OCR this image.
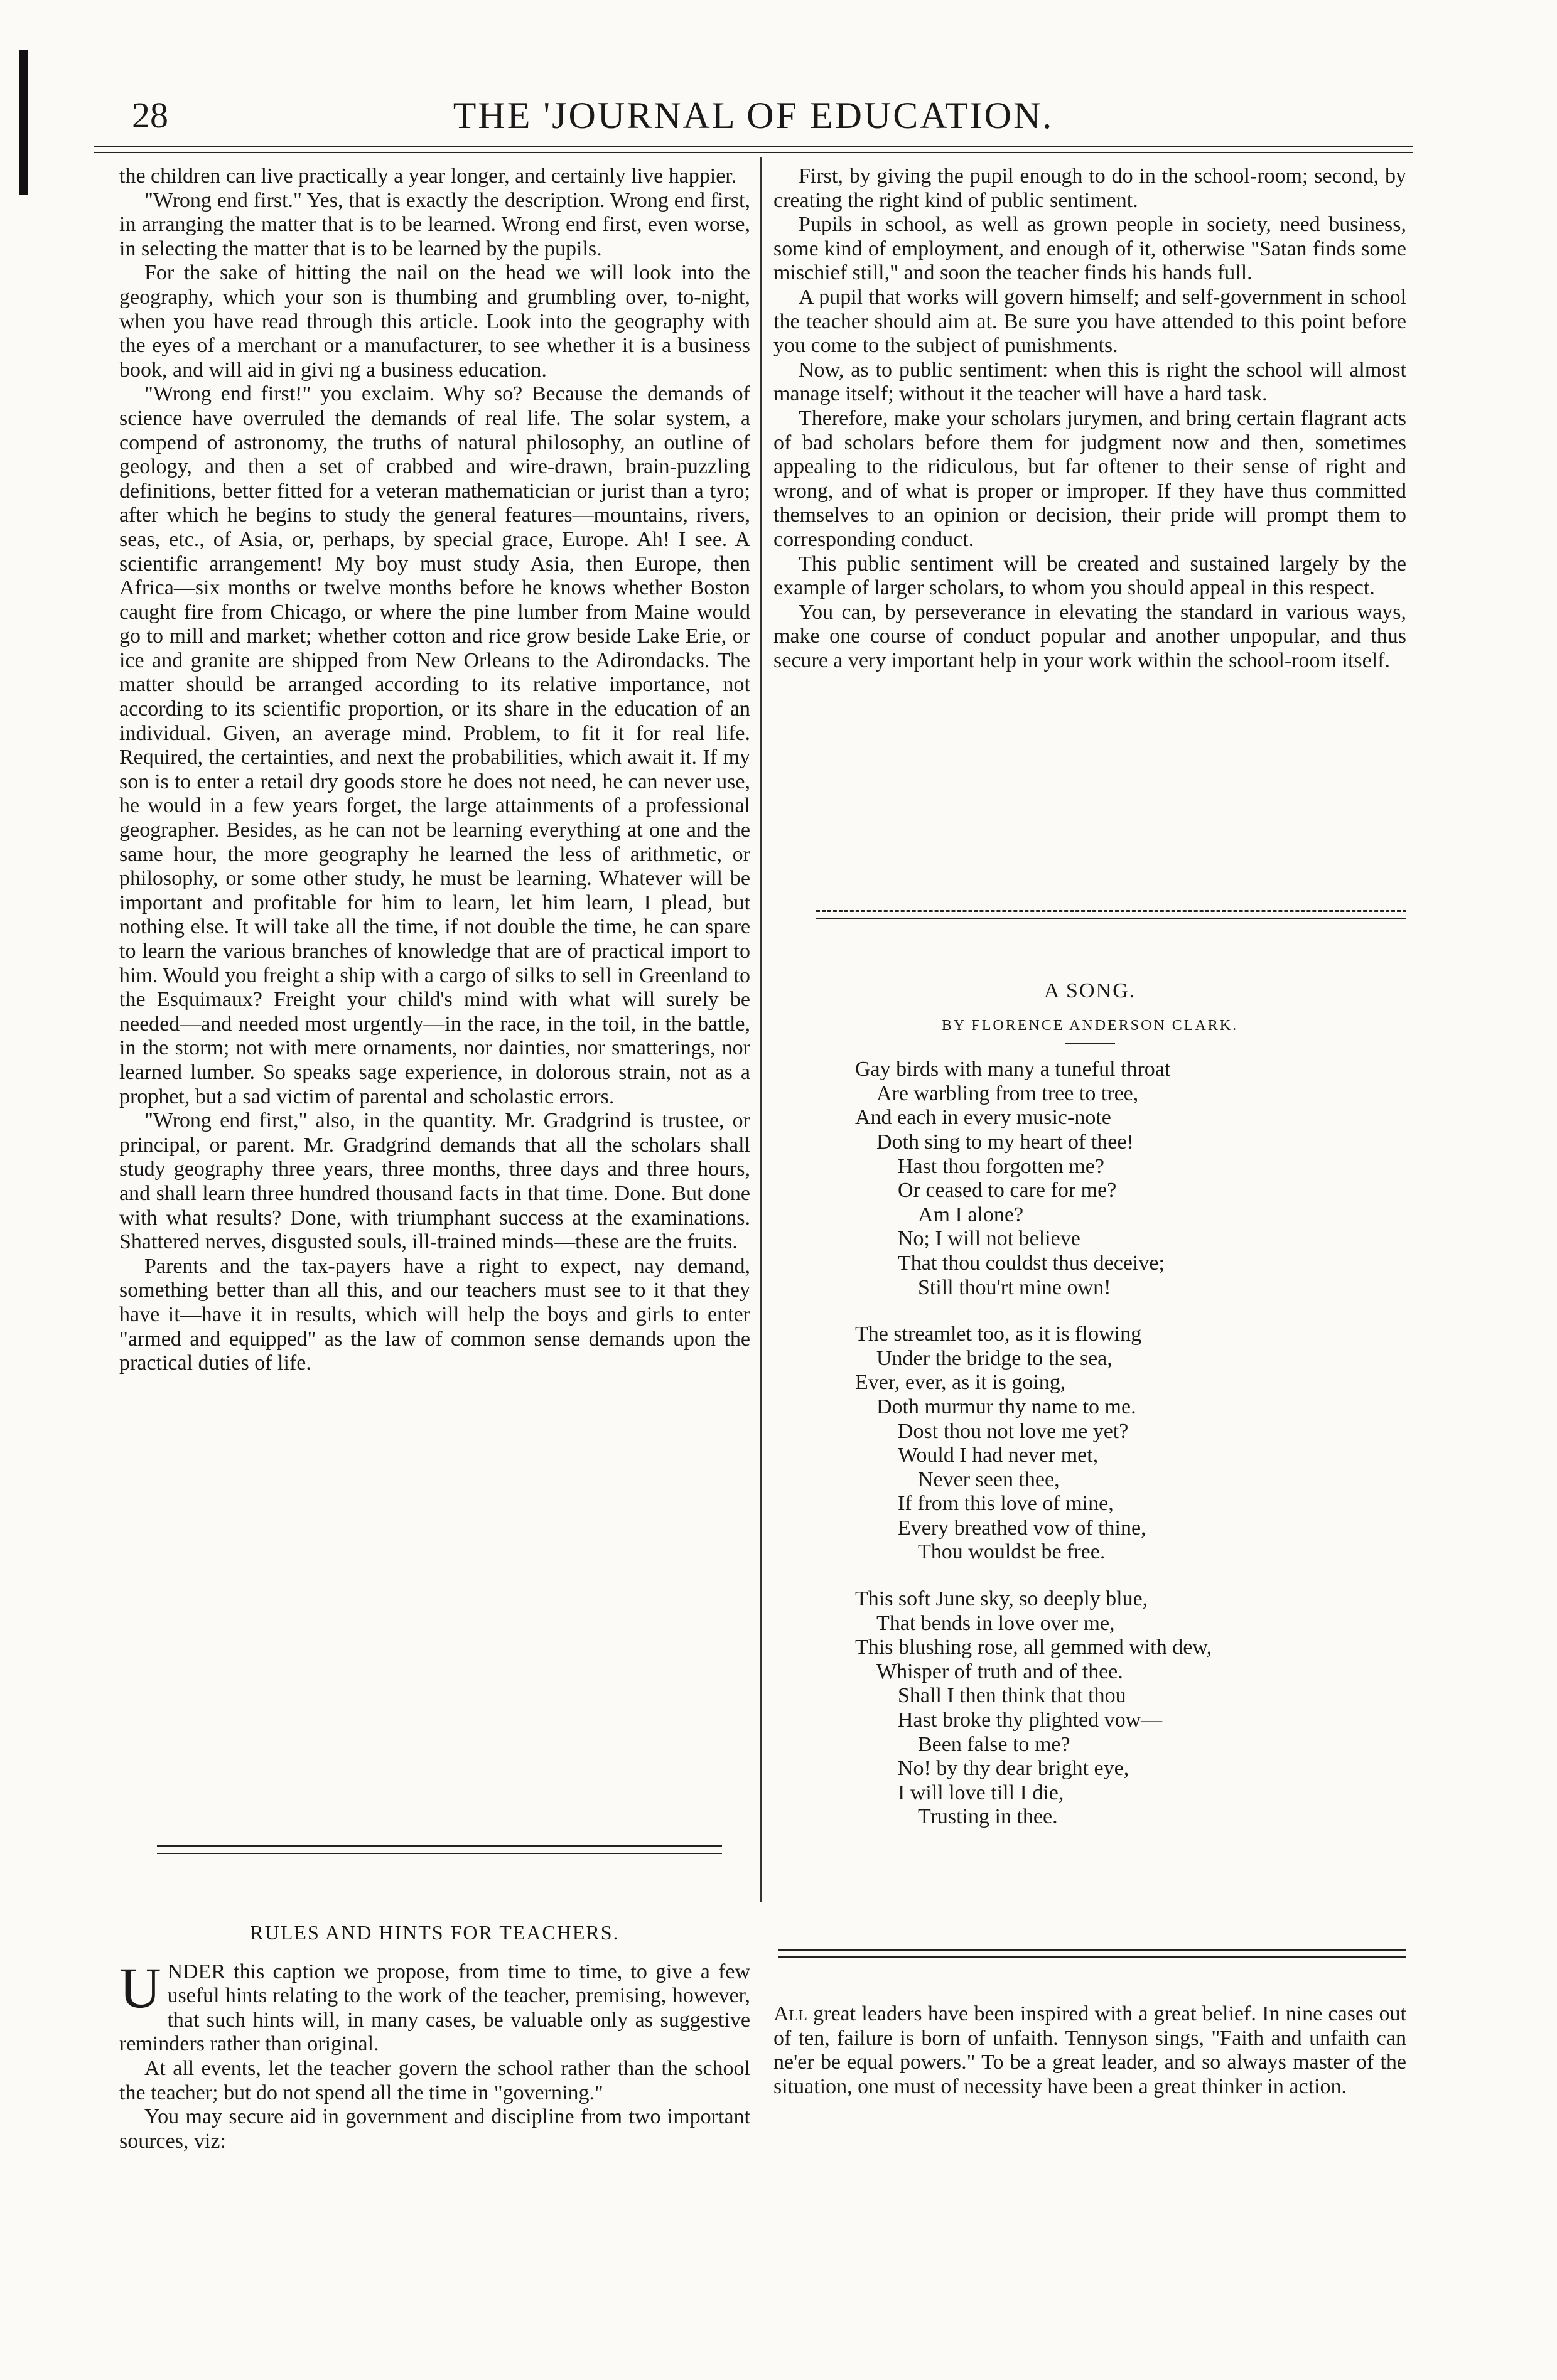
28	THE 'JOURNAL OF EDUCATION.

the children can live practically a year longer, and certainly live happier.

"Wrong end first." Yes, that is exactly the description. Wrong end first, in arranging the matter that is to be learned. Wrong end first, even worse, in selecting the matter that is to be learned by the pupils.

For the sake of hitting the nail on the head we will look into the geography, which your son is thumbing and grumbling over, to-night, when you have read through this article. Look into the geography with the eyes of a merchant or a manufacturer, to see whether it is a business book, and will aid in givi ng a business education.

"Wrong end first!" you exclaim. Why so? Because the demands of science have overruled the demands of real life. The solar system, a compend of astronomy, the truths of natural philosophy, an outline of geology, and then a set of crabbed and wire-drawn, brain-puzzling definitions, better fitted for a veteran mathematician or jurist than a tyro; after which he begins to study the general features—mountains, rivers, seas, etc., of Asia, or, perhaps, by special grace, Europe. Ah! I see. A scientific arrangement! My boy must study Asia, then Europe, then Africa—six months or twelve months before he knows whether Boston caught fire from Chicago, or where the pine lumber from Maine would go to mill and market; whether cotton and rice grow beside Lake Erie, or ice and granite are shipped from New Orleans to the Adirondacks. The matter should be arranged according to its relative importance, not according to its scientific proportion, or its share in the education of an individual. Given, an average mind. Problem, to fit it for real life. Required, the certainties, and next the probabilities, which await it. If my son is to enter a retail dry goods store he does not need, he can never use, he would in a few years forget, the large attainments of a professional geographer. Besides, as he can not be learning everything at one and the same hour, the more geography he learned the less of arithmetic, or philosophy, or some other study, he must be learning. Whatever will be important and profitable for him to learn, let him learn, I plead, but nothing else. It will take all the time, if not double the time, he can spare to learn the various branches of knowledge that are of practical import to him. Would you freight a ship with a cargo of silks to sell in Greenland to the Esquimaux? Freight your child's mind with what will surely be needed—and needed most urgently—in the race, in the toil, in the battle, in the storm; not with mere ornaments, nor dainties, nor smatterings, nor learned lumber. So speaks sage experience, in dolorous strain, not as a prophet, but a sad victim of parental and scholastic errors.

"Wrong end first," also, in the quantity. Mr. Gradgrind is trustee, or principal, or parent. Mr. Gradgrind demands that all the scholars shall study geography three years, three months, three days and three hours, and shall learn three hundred thousand facts in that time. Done. But done with what results? Done, with triumphant success at the examinations. Shattered nerves, disgusted souls, ill-trained minds—these are the fruits.

Parents and the tax-payers have a right to expect, nay demand, something better than all this, and our teachers must see to it that they have it—have it in results, which will help the boys and girls to enter "armed and equipped" as the law of common sense demands upon the practical duties of life.

RULES AND HINTS FOR TEACHERS.

UNDER this caption we propose, from time to time, to give a few useful hints relating to the work of the teacher, premising, however, that such hints will, in many cases, be valuable only as suggestive reminders rather than original.

At all events, let the teacher govern the school rather than the school the teacher; but do not spend all the time in "governing."

You may secure aid in government and discipline from two important sources, viz:

First, by giving the pupil enough to do in the school-room; second, by creating the right kind of public sentiment.

Pupils in school, as well as grown people in society, need business, some kind of employment, and enough of it, otherwise "Satan finds some mischief still," and soon the teacher finds his hands full.

A pupil that works will govern himself; and self-government in school the teacher should aim at. Be sure you have attended to this point before you come to the subject of punishments.

Now, as to public sentiment: when this is right the school will almost manage itself; without it the teacher will have a hard task.

Therefore, make your scholars jurymen, and bring certain flagrant acts of bad scholars before them for judgment now and then, sometimes appealing to the ridiculous, but far oftener to their sense of right and wrong, and of what is proper or improper. If they have thus committed themselves to an opinion or decision, their pride will prompt them to corresponding conduct.

This public sentiment will be created and sustained largely by the example of larger scholars, to whom you should appeal in this respect.

You can, by perseverance in elevating the standard in various ways, make one course of conduct popular and another unpopular, and thus secure a very important help in your work within the school-room itself.

A SONG.
BY FLORENCE ANDERSON CLARK.
Gay birds with many a tuneful throat
Are warbling from tree to tree,
And each in every music-note
Doth sing to my heart of thee!
Hast thou forgotten me?
Or ceased to care for me?
Am I alone?
No; I will not believe
That thou couldst thus deceive;
Still thou'rt mine own!
The streamlet too, as it is flowing
Under the bridge to the sea,
Ever, ever, as it is going,
Doth murmur thy name to me.
Dost thou not love me yet?
Would I had never met,
Never seen thee,
If from this love of mine,
Every breathed vow of thine,
Thou wouldst be free.
This soft June sky, so deeply blue,
That bends in love over me,
This blushing rose, all gemmed with dew,
Whisper of truth and of thee.
Shall I then think that thou
Hast broke thy plighted vow—
Been false to me?
No! by thy dear bright eye,
I will love till I die,
Trusting in thee.

All great leaders have been inspired with a great belief. In nine cases out of ten, failure is born of unfaith. Tennyson sings, "Faith and unfaith can ne'er be equal powers." To be a great leader, and so always master of the situation, one must of necessity have been a great thinker in action.
